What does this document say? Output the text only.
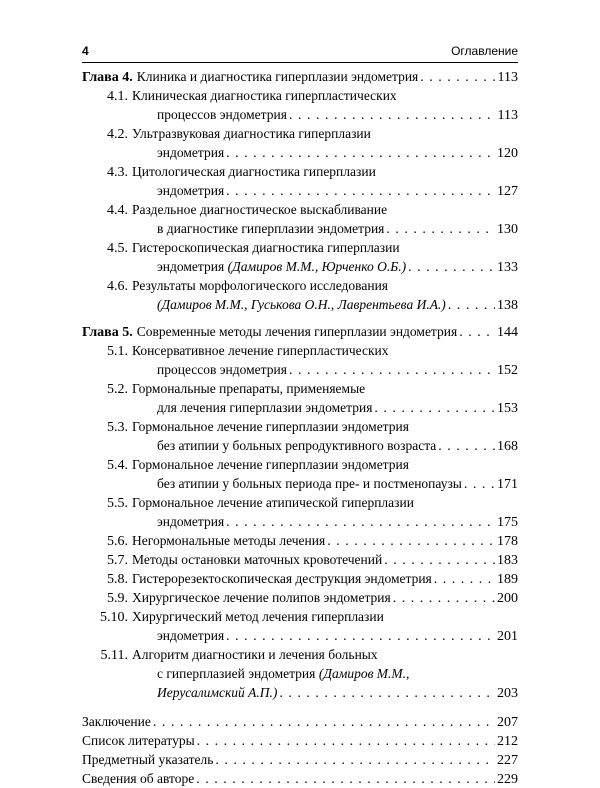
4	Оглавление
Глава 4. Клиника и диагностика гиперплазии эндометрия . . .	113
4.1. Клиническая диагностика гиперпластических
процессов эндометрия . . .	113
4.2. Ультразвуковая диагностика гиперплазии
эндометрия . . .	120
4.3. Цитологическая диагностика гиперплазии
эндометрия . . .	127
4.4. Раздельное диагностическое выскабливание
в диагностике гиперплазии эндометрия . . .	130
4.5. Гистероскопическая диагностика гиперплазии
эндометрия
(Дамиров М.М., Юрченко О.Б.) . . .	133
4.6. Результаты морфологического исследования
(Дамиров М.М., Гуськова О.Н., Лаврентьева И.А.) . . .	138
Глава 5. Современные методы лечения гиперплазии эндометрия . . .	144
5.1. Консервативное лечение гиперпластических
процессов эндометрия . . .	152
5.2. Гормональные препараты, применяемые
для лечения гиперплазии эндометрия . . .	153
5.3. Гормональное лечение гиперплазии эндометрия
без атипии у больных репродуктивного возраста . . .	168
5.4. Гормональное лечение гиперплазии эндометрия
без атипии у больных периода пре- и постменопаузы . . .	171
5.5. Гормональное лечение атипической гиперплазии
эндометрия . . .	175
5.6. Негормональные методы лечения . . .	178
5.7. Методы остановки маточных кровотечений . . .	183
5.8. Гистерорезектоскопическая деструкция эндометрия . . .	189
5.9. Хирургическое лечение полипов эндометрия . . .	200
5.10. Хирургический метод лечения гиперплазии
эндометрия . . .	201
5.11. Алгоритм диагностики и лечения больных
с гиперплазией эндометрия (Дамиров М.М.,
Иерусалимский А.П.) . . .	203
Заключение . . .	207
Список литературы . . .	212
Предметный указатель . . .	227
Сведения об авторе . . .	229
